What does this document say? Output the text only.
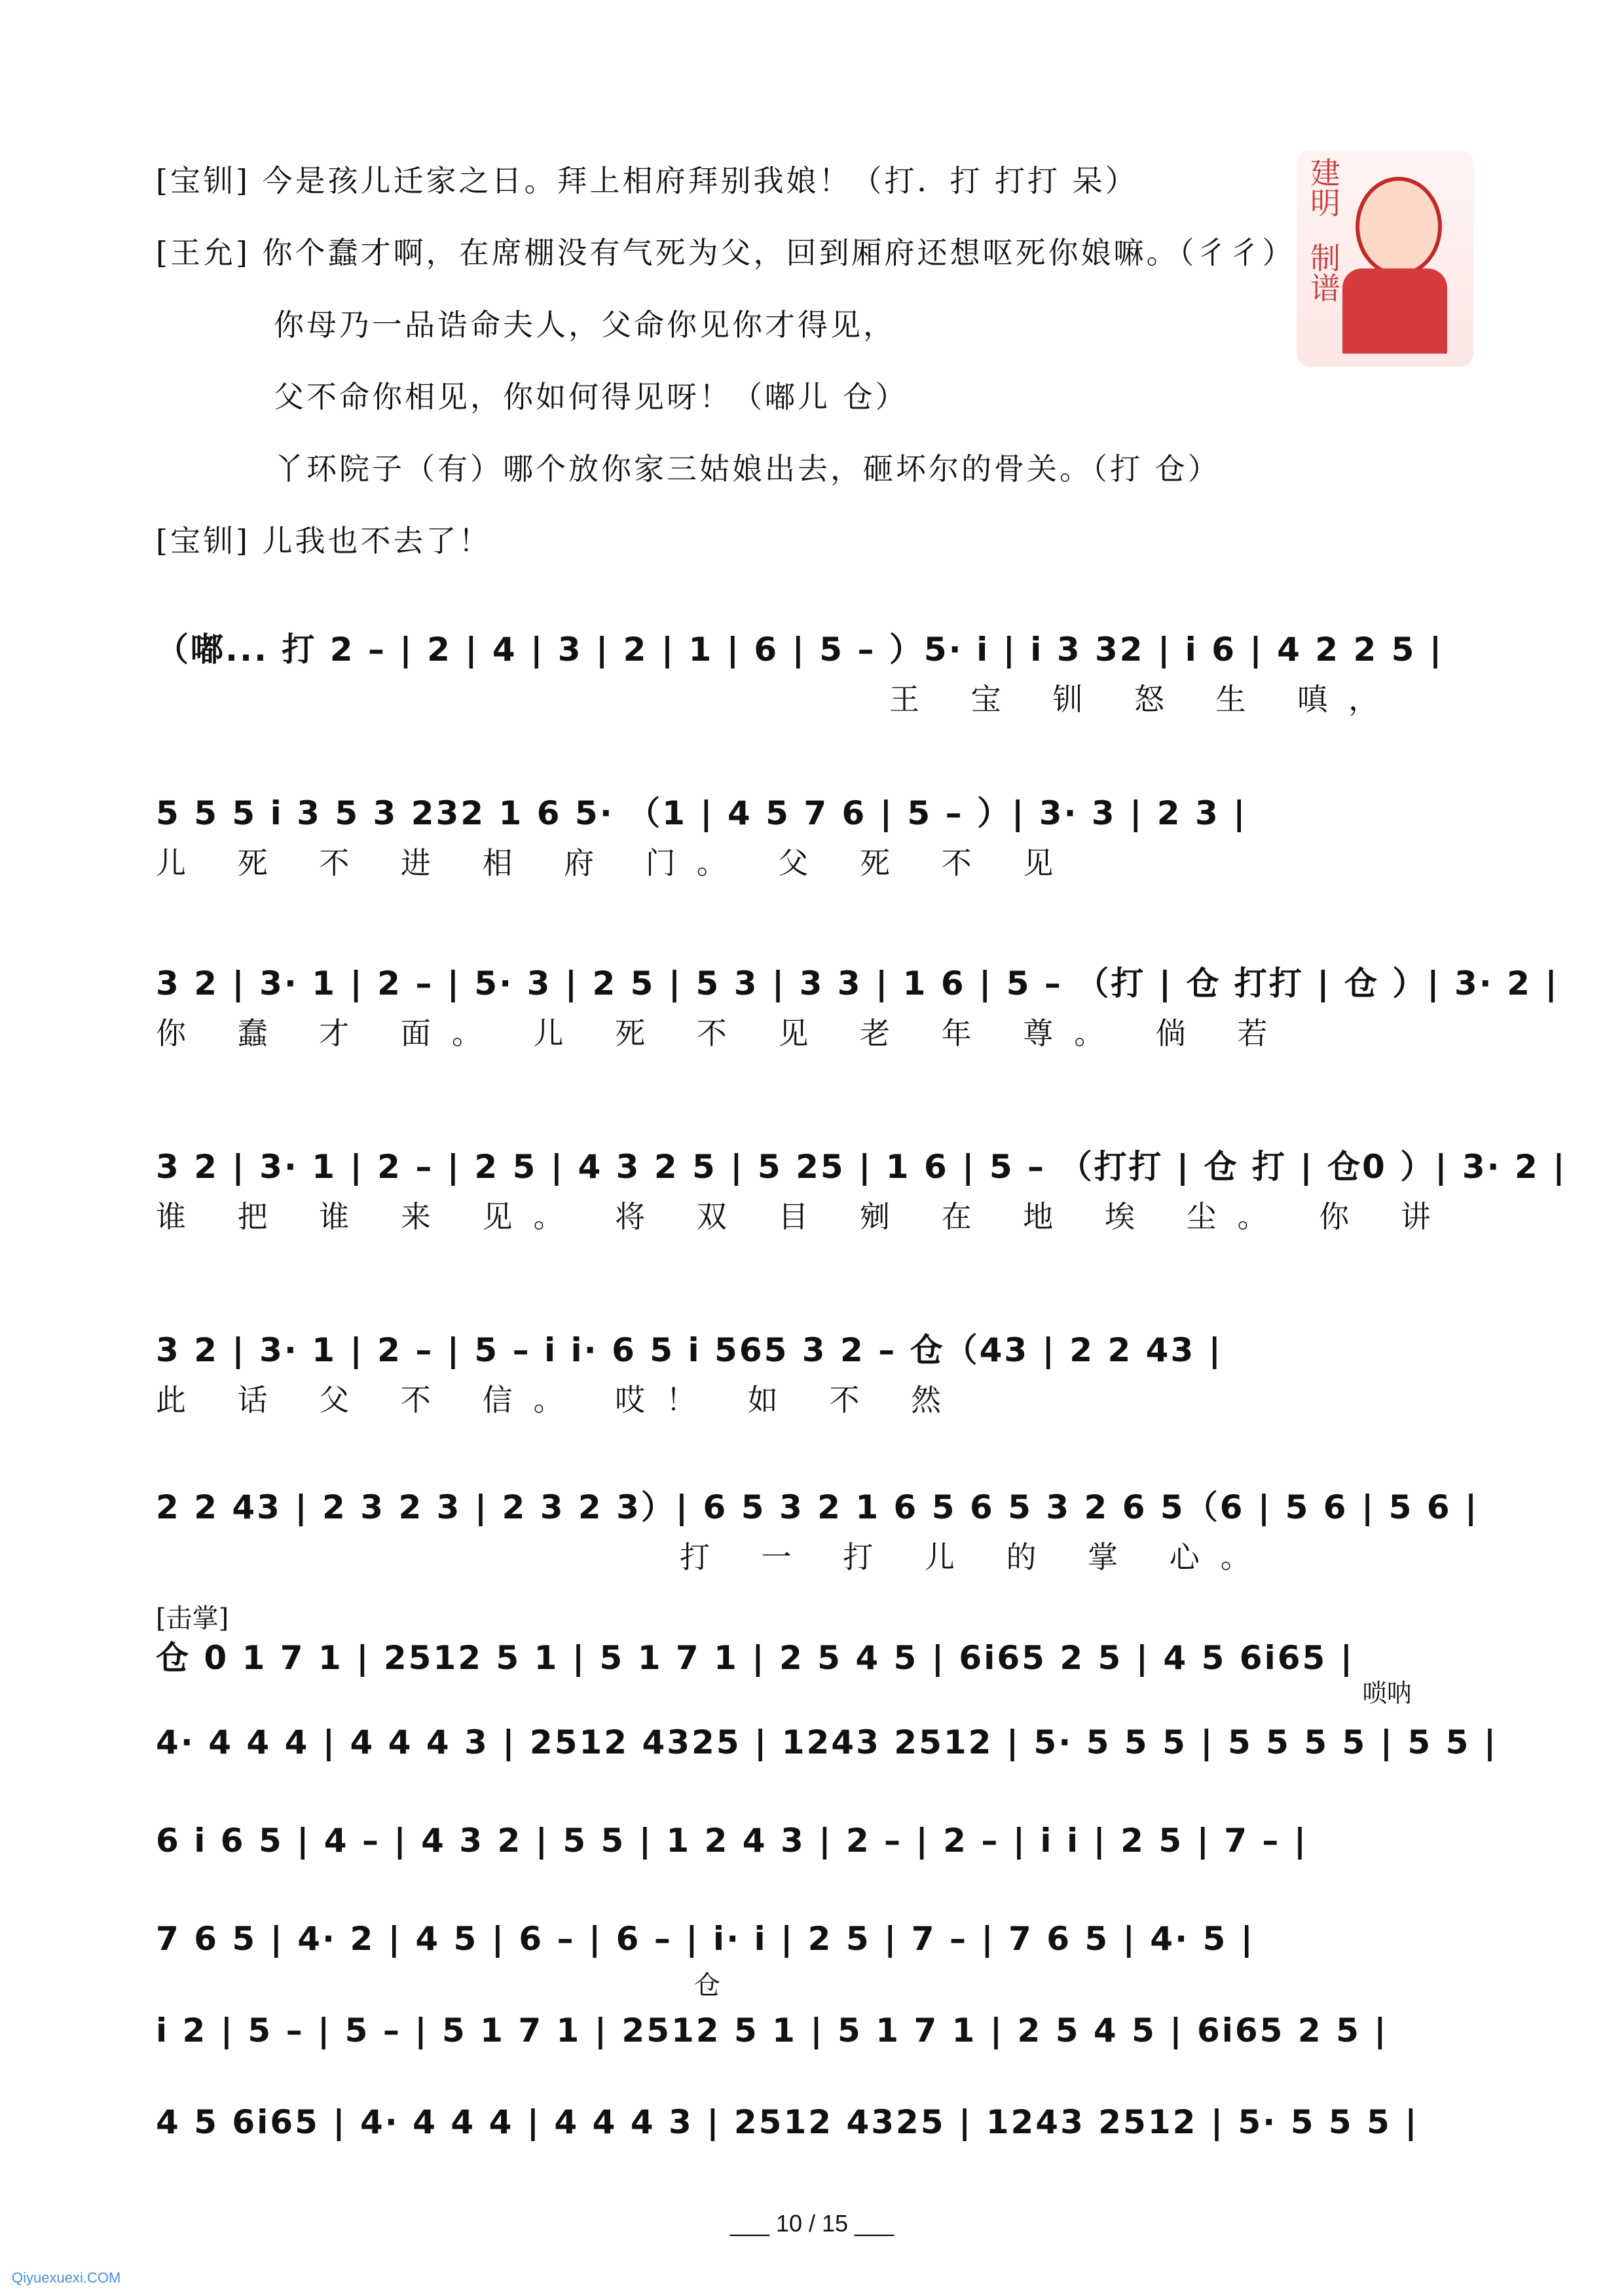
[宝钏] 今是孩儿迁家之日。拜上相府拜别我娘！（打．打 打打 呆）
[王允] 你个蠢才啊，在席棚没有气死为父，回到厢府还想呕死你娘嘛。（彳彳）
你母乃一品诰命夫人，父命你见你才得见，
父不命你相见，你如何得见呀！（嘟儿 仓）
丫环院子（有）哪个放你家三姑娘出去，砸坏尔的骨关。（打 仓）
[宝钏] 儿我也不去了！
建明
制谱
（嘟... 打 2 – | 2 | 4 | 3 | 2 | 1 | 6 | 5 – ）5· i | i 3 32 | i 6 | 4 2 2 5 |
王 宝 钏 怒 生 嗔，
5 5 5 i 3 5 3 232 1 6 5· （1 | 4 5 7 6 | 5 – ）| 3· 3 | 2 3 |
儿 死 不 进 相 府 门。 父 死 不 见
3 2 | 3· 1 | 2 – | 5· 3 | 2 5 | 5 3 | 3 3 | 1 6 | 5 – （打 | 仓 打打 | 仓 ）| 3· 2 |
你 蠢 才 面。 儿 死 不 见 老 年 尊。 倘 若
3 2 | 3· 1 | 2 – | 2 5 | 4 3 2 5 | 5 25 | 1 6 | 5 – （打打 | 仓 打 | 仓0 ）| 3· 2 |
谁 把 谁 来 见。 将 双 目 剜 在 地 埃 尘。 你 讲
3 2 | 3· 1 | 2 – | 5 – i i· 6 5 i 565 3 2 – 仓（43 | 2 2 43 |
此 话 父 不 信。 哎！ 如 不 然
2 2 43 | 2 3 2 3 | 2 3 2 3）| 6 5 3 2 1 6 5 6 5 3 2 6 5（6 | 5 6 | 5 6 |
打 一 打 儿 的 掌 心。
[击掌]
仓 0 1 7 1 | 2512 5 1 | 5 1 7 1 | 2 5 4 5 | 6i65 2 5 | 4 5 6i65 |
唢呐
4· 4 4 4 | 4 4 4 3 | 2512 4325 | 1243 2512 | 5· 5 5 5 | 5 5 5 5 | 5 5 |
6 i 6 5 | 4 – | 4 3 2 | 5 5 | 1 2 4 3 | 2 – | 2 – | i i | 2 5 | 7 – |
7 6 5 | 4· 2 | 4 5 | 6 – | 6 – | i· i | 2 5 | 7 – | 7 6 5 | 4· 5 |
仓
i 2 | 5 – | 5 – | 5 1 7 1 | 2512 5 1 | 5 1 7 1 | 2 5 4 5 | 6i65 2 5 |
4 5 6i65 | 4· 4 4 4 | 4 4 4 3 | 2512 4325 | 1243 2512 | 5· 5 5 5 |
___ 10 / 15 ___
Qiyuexuexi.COM
